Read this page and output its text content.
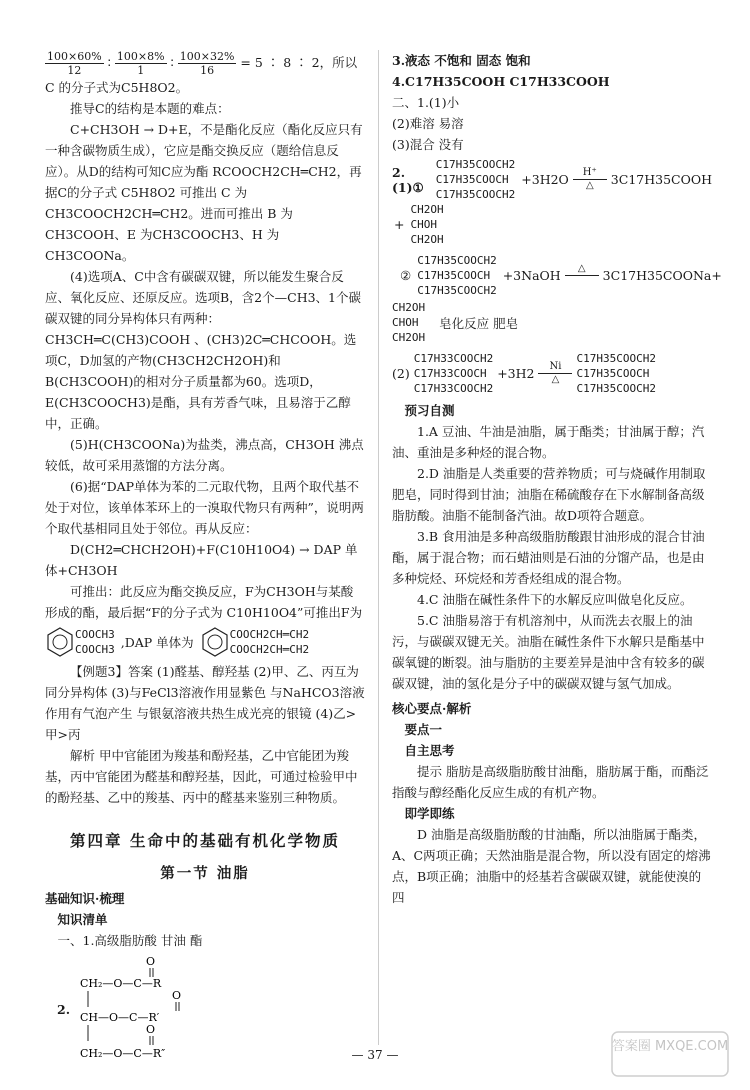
$\frac{100\times 60\%}{12}$ ∶ $\frac{100\times 8\%}{1}$ ∶ $\frac{100\times 32\%}{16} = 5$ ∶ 8 ∶ 2，所以

C 的分子式为C5H8O2。

推导C的结构是本题的难点：

C+CH3OH → D+E，不是酯化反应（酯化反应只有一种含碳物质生成），它应是酯交换反应（题给信息反应）。从D的结构可知C应为酯 RCOOCH2CH═CH2，再据C的分子式 C5H8O2 可推出 C 为 CH3COOCH2CH═CH2。进而可推出 B 为 CH3COOH、E 为CH3COOCH3、H 为CH3COONa。

(4)选项A、C中含有碳碳双键，所以能发生聚合反应、氧化反应、还原反应。选项B，含2个—CH3、1个碳碳双键的同分异构体只有两种：CH3CH═C(CH3)COOH 、(CH3)2C═CHCOOH。选项C，D加氢的产物(CH3CH2CH2OH)和 B(CH3COOH)的相对分子质量都为60。选项D，E(CH3COOCH3)是酯，具有芳香气味，且易溶于乙醇中，正确。

(5)H(CH3COONa)为盐类，沸点高，CH3OH 沸点较低，故可采用蒸馏的方法分离。

(6)据“DAP单体为苯的二元取代物，且两个取代基不处于对位，该单体苯环上的一溴取代物只有两种”，说明两个取代基相同且处于邻位。再从反应：

D(CH2═CHCH2OH)+F(C10H10O4) → DAP 单体+CH3OH

可推出：此反应为酯交换反应，F为CH3OH与某酸形成的酯，最后据“F的分子式为 C10H10O4”可推出F为

COOCH3
COOCH3 ,DAP 单体为
COOCH2CH═CH2
COOCH2CH═CH2

【例题3】答案 (1)醛基、醇羟基 (2)甲、乙、丙互为同分异构体 (3)与FeCl3溶液作用显紫色 与NaHCO3溶液作用有气泡产生 与银氨溶液共热生成光亮的银镜 (4)乙>甲>丙

解析 甲中官能团为羧基和酚羟基，乙中官能团为羧基，丙中官能团为醛基和醇羟基，因此，可通过检验甲中的酚羟基、乙中的羧基、丙中的醛基来鉴别三种物质。

第四章 生命中的基础有机化学物质

第一节 油脂

基础知识·梳理

知识清单

一、1.高级脂肪酸 甘油 酯

2.
O
CH₂—O—C—R
O
CH—O—C—R′
O
CH₂—O—C—R″

3.液态 不饱和 固态 饱和

4.C17H35COOH C17H33COOH

二、1.(1)小

(2)难溶 易溶

(3)混合 没有

2.(1)①
C17H35COOCH2
C17H35COOCH
C17H35COOCH2
+3H2O	H⁺
△	3C17H35COOH
+
CH2OH
CHOH
CH2OH
②
C17H35COOCH2
C17H35COOCH
C17H35COOCH2
+3NaOH	△
	3C17H35COONa+
CH2OH
CHOH
CH2OH
皂化反应 肥皂
(2)
C17H33COOCH2
C17H33COOCH
C17H33COOCH2
+3H2	Ni
△
C17H35COOCH2
C17H35COOCH
C17H35COOCH2

预习自测

1.A 豆油、牛油是油脂，属于酯类；甘油属于醇；汽油、重油是多种烃的混合物。

2.D 油脂是人类重要的营养物质；可与烧碱作用制取肥皂，同时得到甘油；油脂在稀硫酸存在下水解制备高级脂肪酸。油脂不能制备汽油。故D项符合题意。

3.B 食用油是多种高级脂肪酸跟甘油形成的混合甘油酯，属于混合物；而石蜡油则是石油的分馏产品，也是由多种烷烃、环烷烃和芳香烃组成的混合物。

4.C 油脂在碱性条件下的水解反应叫做皂化反应。

5.C 油脂易溶于有机溶剂中，从而洗去衣服上的油污，与碳碳双键无关。油脂在碱性条件下水解只是酯基中碳氧键的断裂。油与脂肪的主要差异是油中含有较多的碳碳双键，油的氢化是分子中的碳碳双键与氢气加成。

核心要点·解析

要点一

自主思考

提示 脂肪是高级脂肪酸甘油酯，脂肪属于酯，而酯泛指酸与醇经酯化反应生成的有机产物。

即学即练

D 油脂是高级脂肪酸的甘油酯，所以油脂属于酯类，A、C两项正确；天然油脂是混合物，所以没有固定的熔沸点，B项正确；油脂中的烃基若含碳碳双键，就能使溴的四

— 37 —
答案圈 MXQE.COM
